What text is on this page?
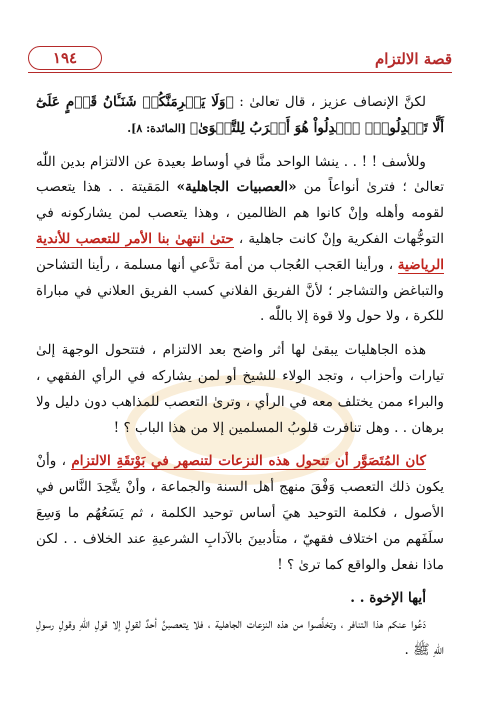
قصة الالتزام
١٩٤

لكنَّ الإنصاف عزيز ، قال تعالىٰ : ﴿وَلَا يَجۡرِمَنَّكُمۡ شَنَـَٔانُ قَوۡمٍ عَلَىٰٓ أَلَّا تَعۡدِلُواْۚ ٱعۡدِلُواْ هُوَ أَقۡرَبُ لِلتَّقۡوَىٰ﴾ [المائدة: ٨].

وللأسف ! ! . . ينشا الواحد منَّا في أوساط بعيدة عن الالتزام بدين اللّٰه تعالىٰ ؛ فترىٰ أنواعاً من «العصبيات الجاهلية» المَقيتة . . هذا يتعصب لقومه وأهله وإنْ كانوا هم الظالمين ، وهذا يتعصب لمن يشاركونه في التوجُّهات الفكرية وإنْ كانت جاهلية ، حتىٰ انتهىٰ بنا الأمر للتعصب للأندية الرياضية ، ورأينا العَجب العُجاب من أمة تدَّعي أنها مسلمة ، رأينا التشاحن والتباغض والتشاجر ؛ لأنَّ الفريق الفلاني كسب الفريق العلاني في مباراة للكرة ، ولا حول ولا قوة إلا باللّٰه .

هذه الجاهليات يبقىٰ لها أثر واضح بعد الالتزام ، فتتحول الوجهة إلىٰ تيارات وأحزاب ، وتجد الولاء للشيخ أو لمن يشاركه في الرأي الفقهي ، والبراء ممن يختلف معه في الرأي ، وترىٰ التعصب للمذاهب دون دليل ولا برهان . . وهل تنافرت قلوبُ المسلمين إلا من هذا الباب ؟ !

كان المُتَصَوَّر أن تتحول هذه النزعات لتنصهر في بَوْتقَةِ الالتزام ، وأنْ يكون ذلك التعصب وَفْقَ منهج أهل السنة والجماعة ، وأنْ يتَّحِدَ النَّاس في الأصول ، فكلمة التوحيد هيَ أساس توحيد الكلمة ، ثم يَسَعُهُم ما وَسِعَ سلَفَهم من اختلاف فقهيّ ، متأدبينَ بالآدابِ الشرعيةِ عند الخلاف . . لكن ماذا نفعل والواقع كما ترىٰ ؟ !

أيها الإخوة . .

دَعُوا عنكم هذا التنافر ، وتخلَّصوا من هذه النزعات الجاهلية ، فلا يتعصبنَّ أحدٌ لقولٍ إلا قولِ اللّٰهِ وقولِ رسولِ اللّٰهِ ﷺ .
